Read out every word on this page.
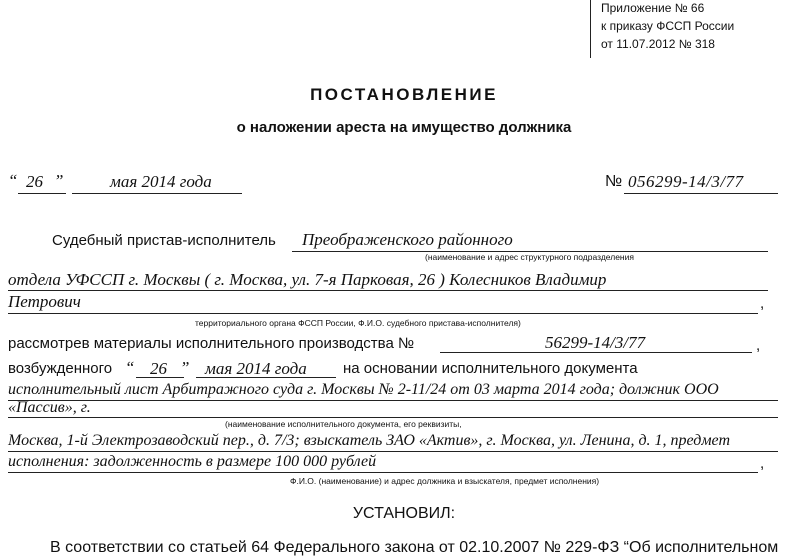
Приложение № 66
к приказу ФССП России
от 11.07.2012 № 318
ПОСТАНОВЛЕНИЕ
о наложении ареста на имущество должника
“ 26 ”	мая 2014 года	№ 056299-14/3/77
Судебный пристав-исполнитель Преображенского районного
(наименование и адрес структурного подразделения
отдела УФССП г. Москвы ( г. Москва, ул. 7-я Парковая, 26 ) Колесников Владимир
Петрович	,
территориального органа ФССП России, Ф.И.О. судебного пристава-исполнителя)
рассмотрев материалы исполнительного производства №	56299-14/3/77	,
возбужденного “ 26 ” мая 2014 года на основании исполнительного документа
исполнительный лист Арбитражного суда г. Москвы № 2-11/24 от 03 марта 2014 года; должник ООО
«Пассив», г.
(наименование исполнительного документа, его реквизиты,
Москва, 1-й Электрозаводский пер., д. 7/3; взыскатель ЗАО «Актив», г. Москва, ул. Ленина, д. 1, предмет
исполнения: задолженность в размере 100 000 рублей	,
Ф.И.О. (наименование) и адрес должника и взыскателя, предмет исполнения)
УСТАНОВИЛ:
В соответствии со статьей 64 Федерального закона от 02.10.2007 № 229-ФЗ “Об исполнительном
